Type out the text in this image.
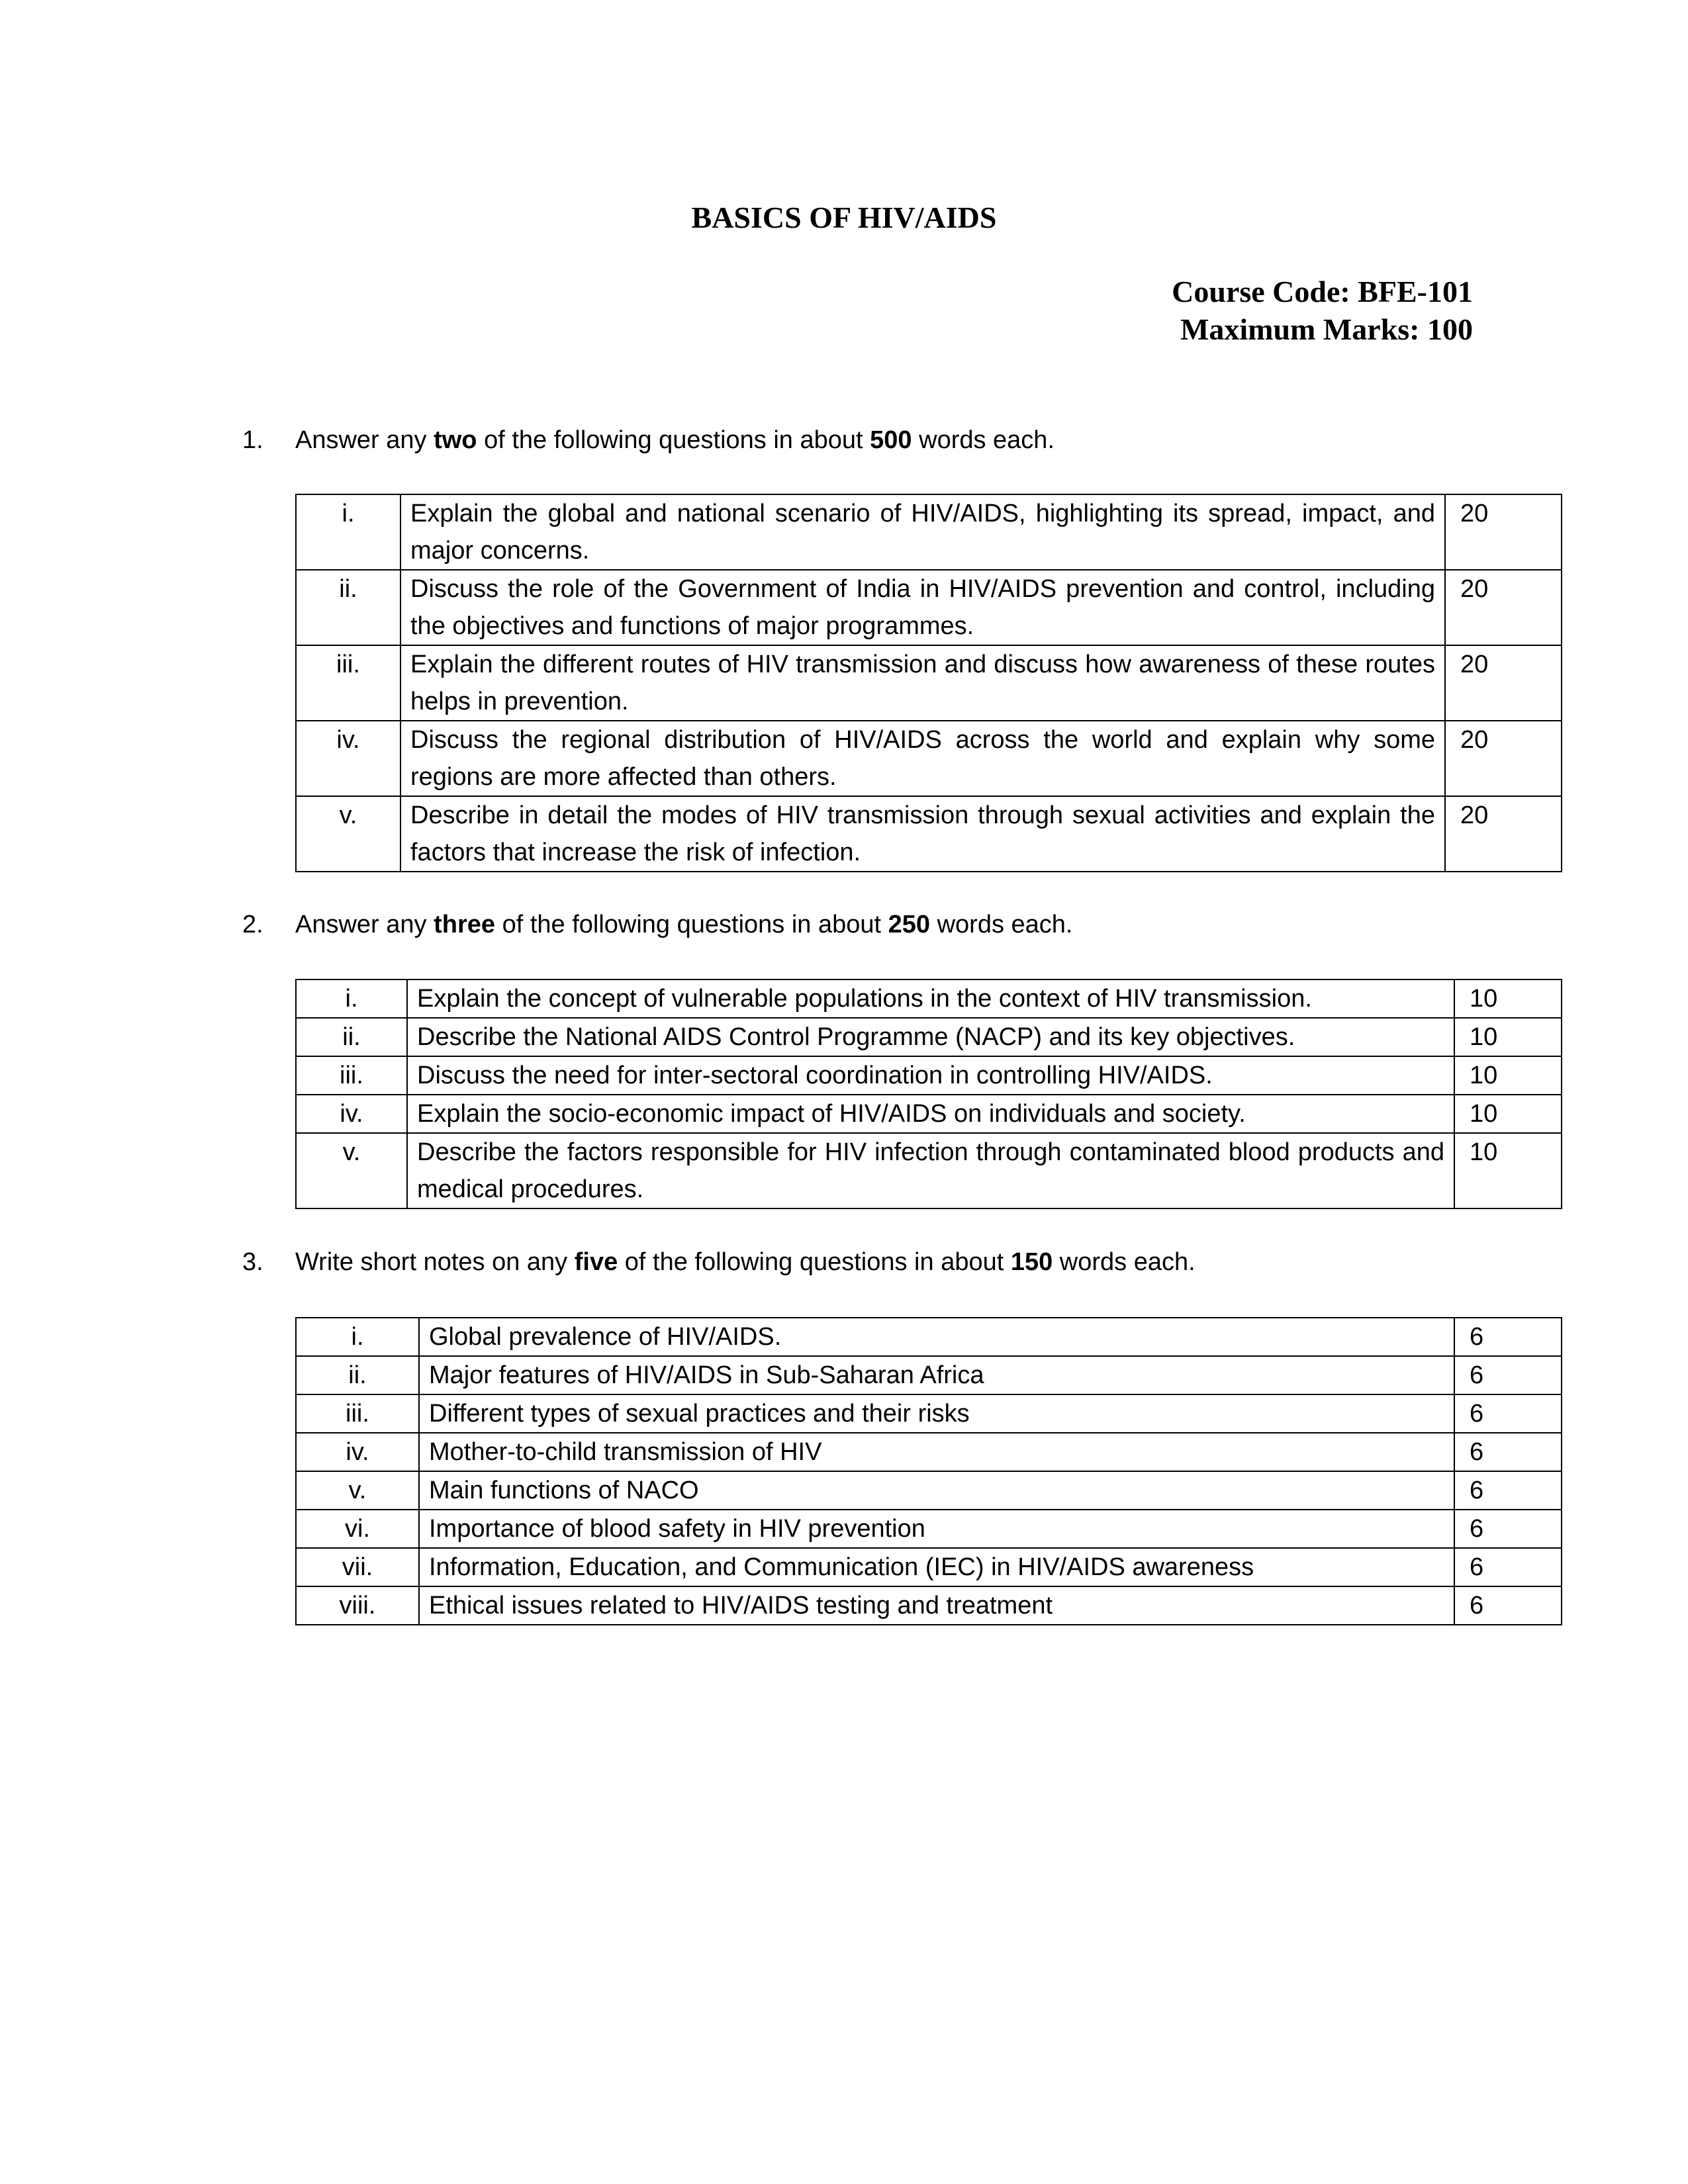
BASICS OF HIV/AIDS
Course Code: BFE-101
Maximum Marks: 100
1. Answer any two of the following questions in about 500 words each.
i.	Explain the global and national scenario of HIV/AIDS, highlighting its spread, impact, and major concerns.	20
ii.	Discuss the role of the Government of India in HIV/AIDS prevention and control, including the objectives and functions of major programmes.	20
iii.	Explain the different routes of HIV transmission and discuss how awareness of these routes helps in prevention.	20
iv.	Discuss the regional distribution of HIV/AIDS across the world and explain why some regions are more affected than others.	20
v.	Describe in detail the modes of HIV transmission through sexual activities and explain the factors that increase the risk of infection.	20
2. Answer any three of the following questions in about 250 words each.
i.	Explain the concept of vulnerable populations in the context of HIV transmission.	10
ii.	Describe the National AIDS Control Programme (NACP) and its key objectives.	10
iii.	Discuss the need for inter-sectoral coordination in controlling HIV/AIDS.	10
iv.	Explain the socio-economic impact of HIV/AIDS on individuals and society.	10
v.	Describe the factors responsible for HIV infection through contaminated blood products and medical procedures.	10
3. Write short notes on any five of the following questions in about 150 words each.
i.	Global prevalence of HIV/AIDS.	6
ii.	Major features of HIV/AIDS in Sub-Saharan Africa	6
iii.	Different types of sexual practices and their risks	6
iv.	Mother-to-child transmission of HIV	6
v.	Main functions of NACO	6
vi.	Importance of blood safety in HIV prevention	6
vii.	Information, Education, and Communication (IEC) in HIV/AIDS awareness	6
viii.	Ethical issues related to HIV/AIDS testing and treatment	6
